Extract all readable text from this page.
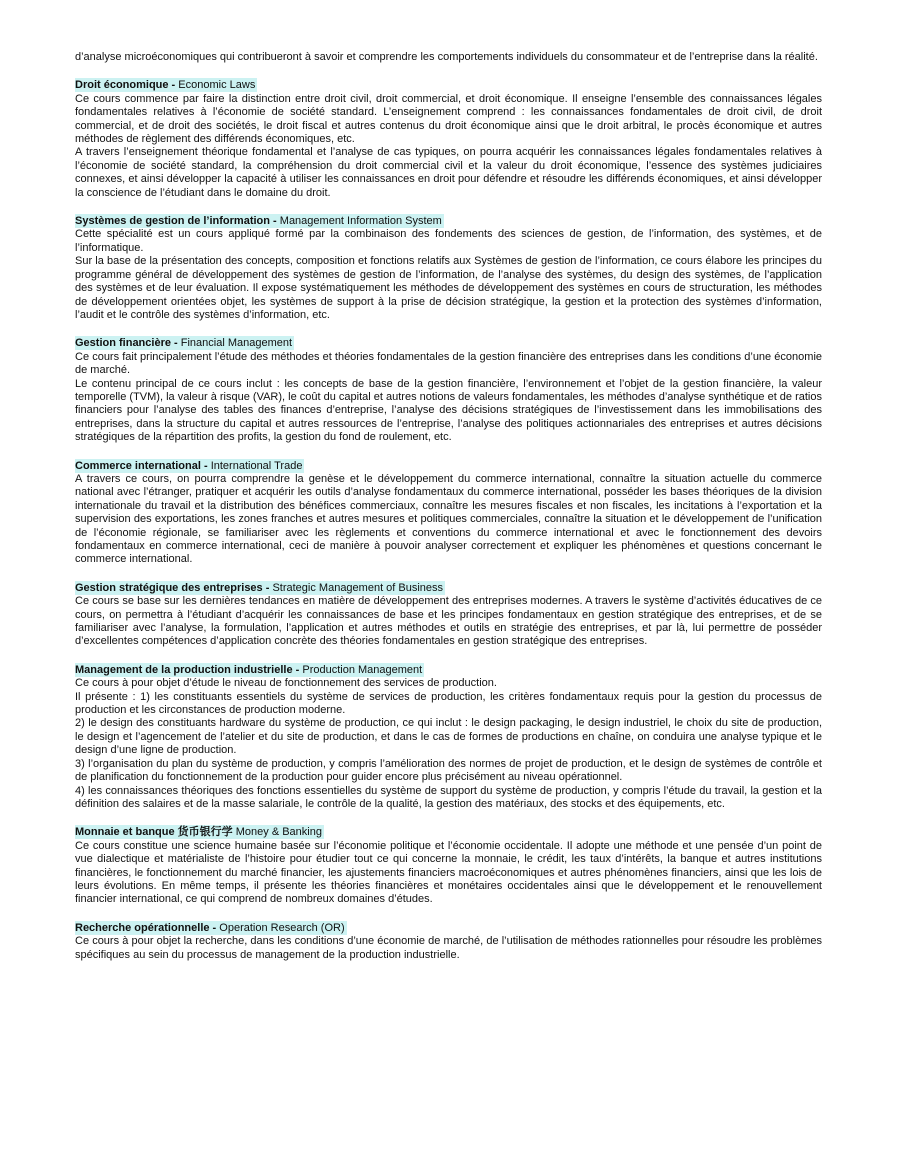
d’analyse microéconomiques qui contribueront à savoir et comprendre les comportements individuels du consommateur et de l’entreprise dans la réalité.

Droit économique - Economic Laws

Ce cours commence par faire la distinction entre droit civil, droit commercial, et droit économique. Il enseigne l’ensemble des connaissances légales fondamentales relatives à l’économie de société standard. L’enseignement comprend : les connaissances fondamentales de droit civil, de droit commercial, et de droit des sociétés, le droit fiscal et autres contenus du droit économique ainsi que le droit arbitral, le procès économique et autres méthodes de règlement des différends économiques, etc.

A travers l’enseignement théorique fondamental et l’analyse de cas typiques, on pourra acquérir les connaissances légales fondamentales relatives à l’économie de société standard, la compréhension du droit commercial civil et la valeur du droit économique, l’essence des systèmes judiciaires connexes, et ainsi développer la capacité à utiliser les connaissances en droit pour défendre et résoudre les différends économiques, et ainsi développer la conscience de l’étudiant dans le domaine du droit.

Systèmes de gestion de l’information - Management Information System

Cette spécialité est un cours appliqué formé par la combinaison des fondements des sciences de gestion, de l’information, des systèmes, et de l’informatique.

Sur la base de la présentation des concepts, composition et fonctions relatifs aux Systèmes de gestion de l’information, ce cours élabore les principes du programme général de développement des systèmes de gestion de l’information, de l’analyse des systèmes, du design des systèmes, de l’application des systèmes et de leur évaluation. Il expose systématiquement les méthodes de développement des systèmes en cours de structuration, les méthodes de développement orientées objet, les systèmes de support à la prise de décision stratégique, la gestion et la protection des systèmes d’information, l’audit et le contrôle des systèmes d’information, etc.

Gestion financière - Financial Management

Ce cours fait principalement l’étude des méthodes et théories fondamentales de la gestion financière des entreprises dans les conditions d’une économie de marché.

Le contenu principal de ce cours inclut : les concepts de base de la gestion financière, l’environnement et l’objet de la gestion financière, la valeur temporelle (TVM), la valeur à risque (VAR), le coût du capital et autres notions de valeurs fondamentales, les méthodes d’analyse synthétique et de ratios financiers pour l’analyse des tables des finances d’entreprise, l’analyse des décisions stratégiques de l’investissement dans les immobilisations des entreprises, dans la structure du capital et autres ressources de l’entreprise, l’analyse des politiques actionnariales des entreprises et autres décisions stratégiques de la répartition des profits, la gestion du fond de roulement, etc.

Commerce international - International Trade

A travers ce cours, on pourra comprendre la genèse et le développement du commerce international, connaître la situation actuelle du commerce national avec l’étranger, pratiquer et acquérir les outils d’analyse fondamentaux du commerce international, posséder les bases théoriques de la division internationale du travail et la distribution des bénéfices commerciaux, connaître les mesures fiscales et non fiscales, les incitations à l’exportation et la supervision des exportations, les zones franches et autres mesures et politiques commerciales, connaître la situation et le développement de l’unification de l’économie régionale, se familiariser avec les règlements et conventions du commerce international et avec le fonctionnement des devoirs fondamentaux en commerce international, ceci de manière à pouvoir analyser correctement et expliquer les phénomènes et questions concernant le commerce international.

Gestion stratégique des entreprises - Strategic Management of Business

Ce cours se base sur les dernières tendances en matière de développement des entreprises modernes. A travers le système d’activités éducatives de ce cours, on permettra à l’étudiant d’acquérir les connaissances de base et les principes fondamentaux en gestion stratégique des entreprises, et de se familiariser avec l’analyse, la formulation, l’application et autres méthodes et outils en stratégie des entreprises, et par là, lui permettre de posséder d’excellentes compétences d’application concrète des théories fondamentales en gestion stratégique des entreprises.

Management de la production industrielle - Production Management

Ce cours à pour objet d’étude le niveau de fonctionnement des services de production.

Il présente : 1) les constituants essentiels du système de services de production, les critères fondamentaux requis pour la gestion du processus de production et les circonstances de production moderne.

2) le design des constituants hardware du système de production, ce qui inclut : le design packaging, le design industriel, le choix du site de production, le design et l’agencement de l’atelier et du site de production, et dans le cas de formes de productions en chaîne, on conduira une analyse typique et le design d’une ligne de production.

3) l’organisation du plan du système de production, y compris l’amélioration des normes de projet de production, et le design de systèmes de contrôle et de planification du fonctionnement de la production pour guider encore plus précisément au niveau opérationnel.

4) les connaissances théoriques des fonctions essentielles du système de support du système de production, y compris l’étude du travail, la gestion et la définition des salaires et de la masse salariale, le contrôle de la qualité, la gestion des matériaux, des stocks et des équipements, etc.

Monnaie et banque 货币银行学 Money & Banking

Ce cours constitue une science humaine basée sur l’économie politique et l’économie occidentale. Il adopte une méthode et une pensée d’un point de vue dialectique et matérialiste de l’histoire pour étudier tout ce qui concerne la monnaie, le crédit, les taux d’intérêts, la banque et autres institutions financières, le fonctionnement du marché financier, les ajustements financiers macroéconomiques et autres phénomènes financiers, ainsi que les lois de leurs évolutions. En même temps, il présente les théories financières et monétaires occidentales ainsi que le développement et le renouvellement financier international, ce qui comprend de nombreux domaines d’études.

Recherche opérationnelle - Operation Research (OR)

Ce cours à pour objet la recherche, dans les conditions d’une économie de marché, de l’utilisation de méthodes rationnelles pour résoudre les problèmes spécifiques au sein du processus de management de la production industrielle.
